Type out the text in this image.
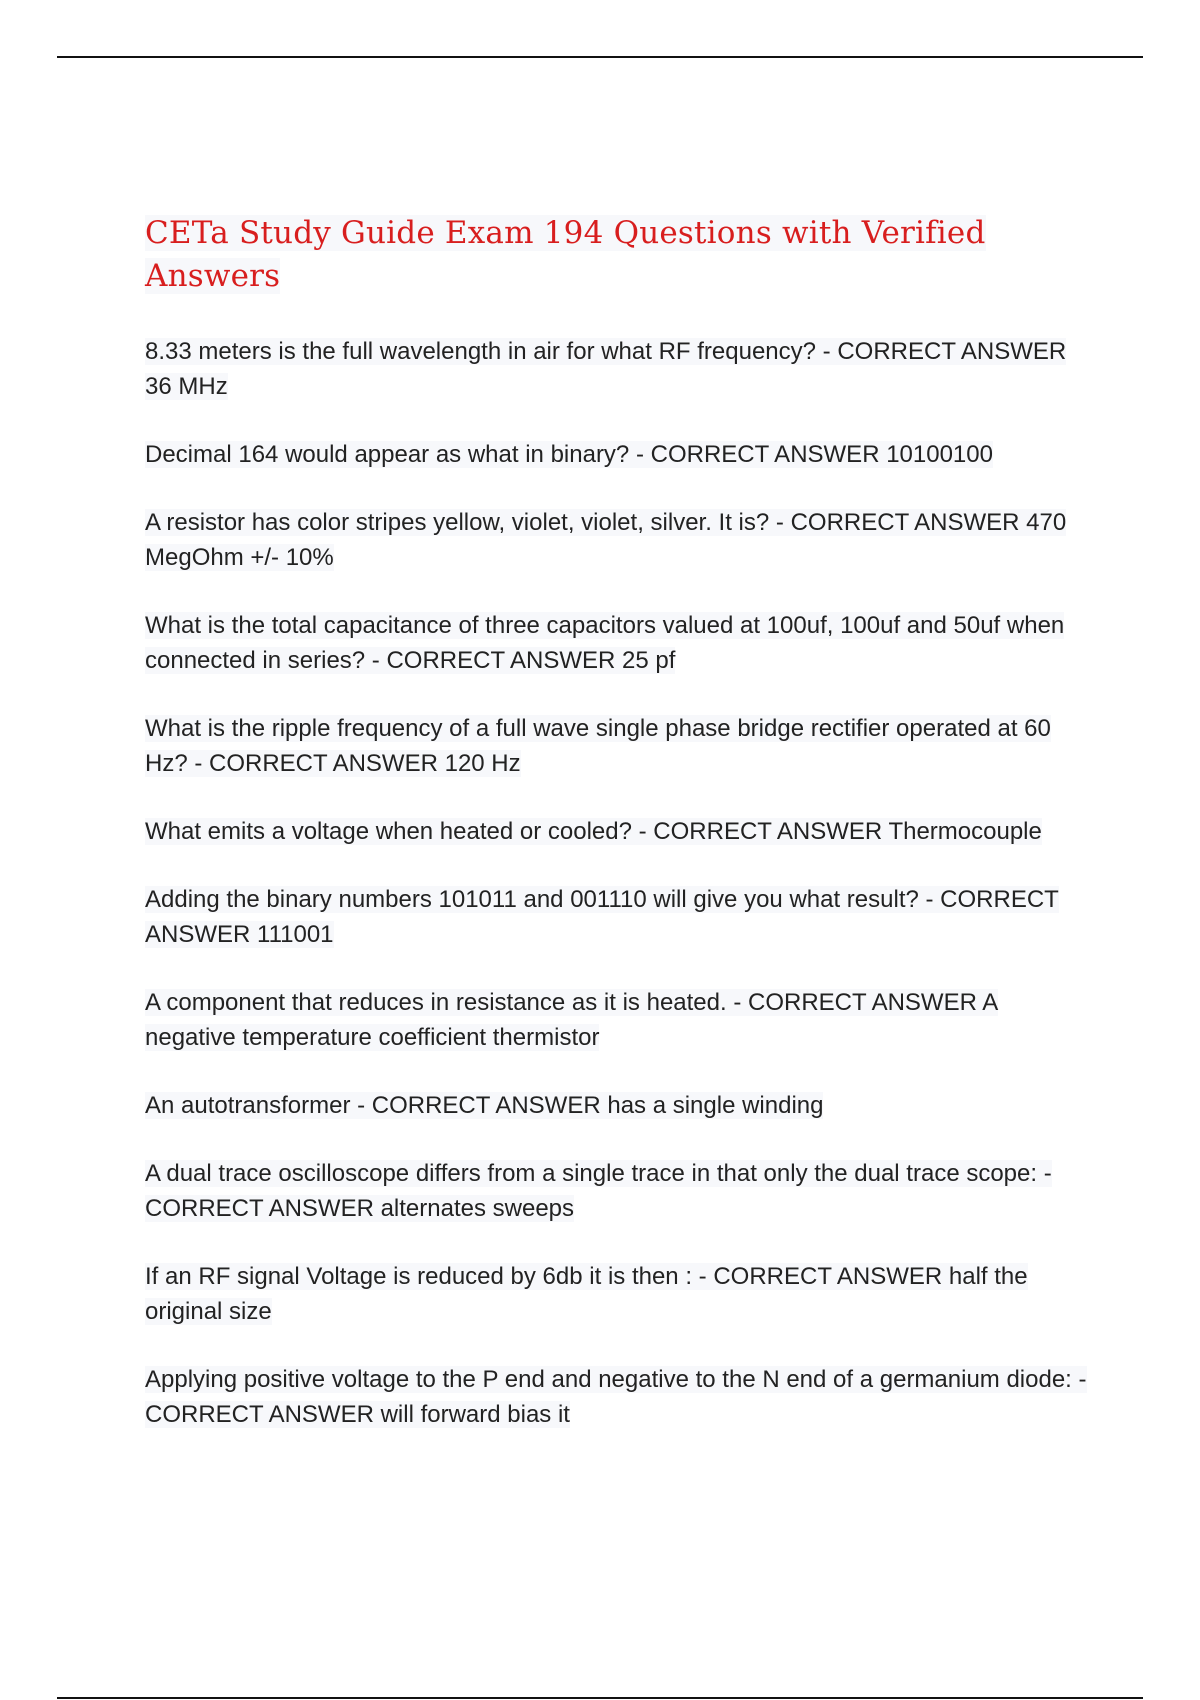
CETa Study Guide Exam 194 Questions with Verified Answers

8.33 meters is the full wavelength in air for what RF frequency? - CORRECT ANSWER 36 MHz

Decimal 164 would appear as what in binary? - CORRECT ANSWER 10100100

A resistor has color stripes yellow, violet, violet, silver. It is? - CORRECT ANSWER 470 MegOhm +/- 10%

What is the total capacitance of three capacitors valued at 100uf, 100uf and 50uf when connected in series? - CORRECT ANSWER 25 pf

What is the ripple frequency of a full wave single phase bridge rectifier operated at 60 Hz? - CORRECT ANSWER 120 Hz

What emits a voltage when heated or cooled? - CORRECT ANSWER Thermocouple

Adding the binary numbers 101011 and 001110 will give you what result? - CORRECT ANSWER 111001

A component that reduces in resistance as it is heated. - CORRECT ANSWER A negative temperature coefficient thermistor

An autotransformer - CORRECT ANSWER has a single winding

A dual trace oscilloscope differs from a single trace in that only the dual trace scope: - CORRECT ANSWER alternates sweeps

If an RF signal Voltage is reduced by 6db it is then : - CORRECT ANSWER half the original size

Applying positive voltage to the P end and negative to the N end of a germanium diode: - CORRECT ANSWER will forward bias it
